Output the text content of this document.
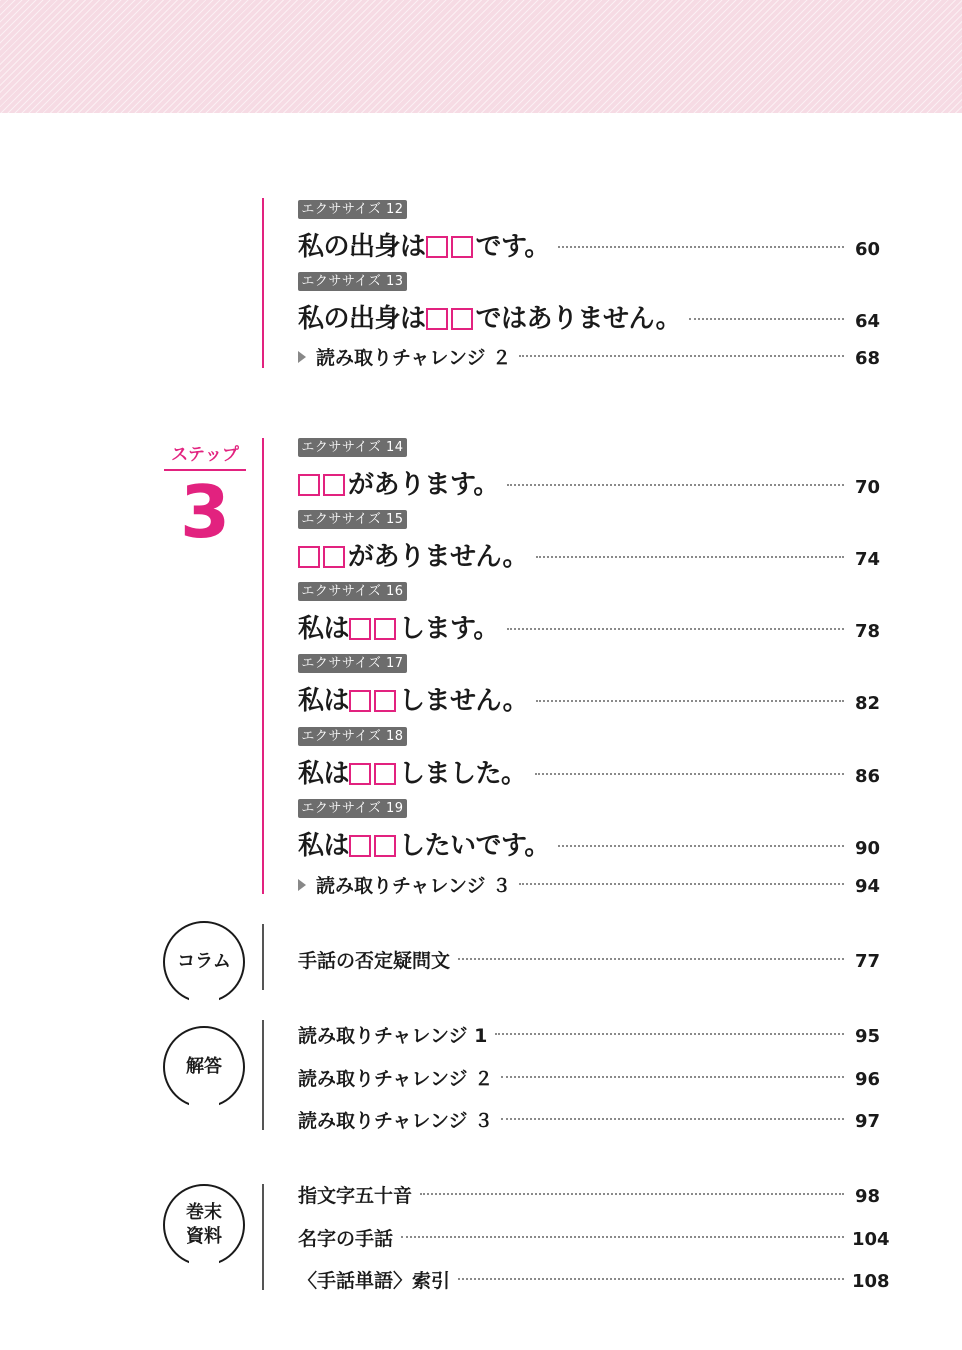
エクササイズ 12
私の出身は です。	60
エクササイズ 13
私の出身は ではありません。	64
読み取りチャレンジ ２	68
ステップ
3
エクササイズ 14
があります。	70
エクササイズ 15
がありません。	74
エクササイズ 16
私は します。	78
エクササイズ 17
私は しません。	82
エクササイズ 18
私は しました。	86
エクササイズ 19
私は したいです。	90
読み取りチャレンジ ３	94
コラム	手話の否定疑問文	77
解答
読み取りチャレンジ 1	95
読み取りチャレンジ ２	96
読み取りチャレンジ ３	97
巻末
資料
指文字五十音	98
名字の手話	104
〈手話単語〉索引	108
